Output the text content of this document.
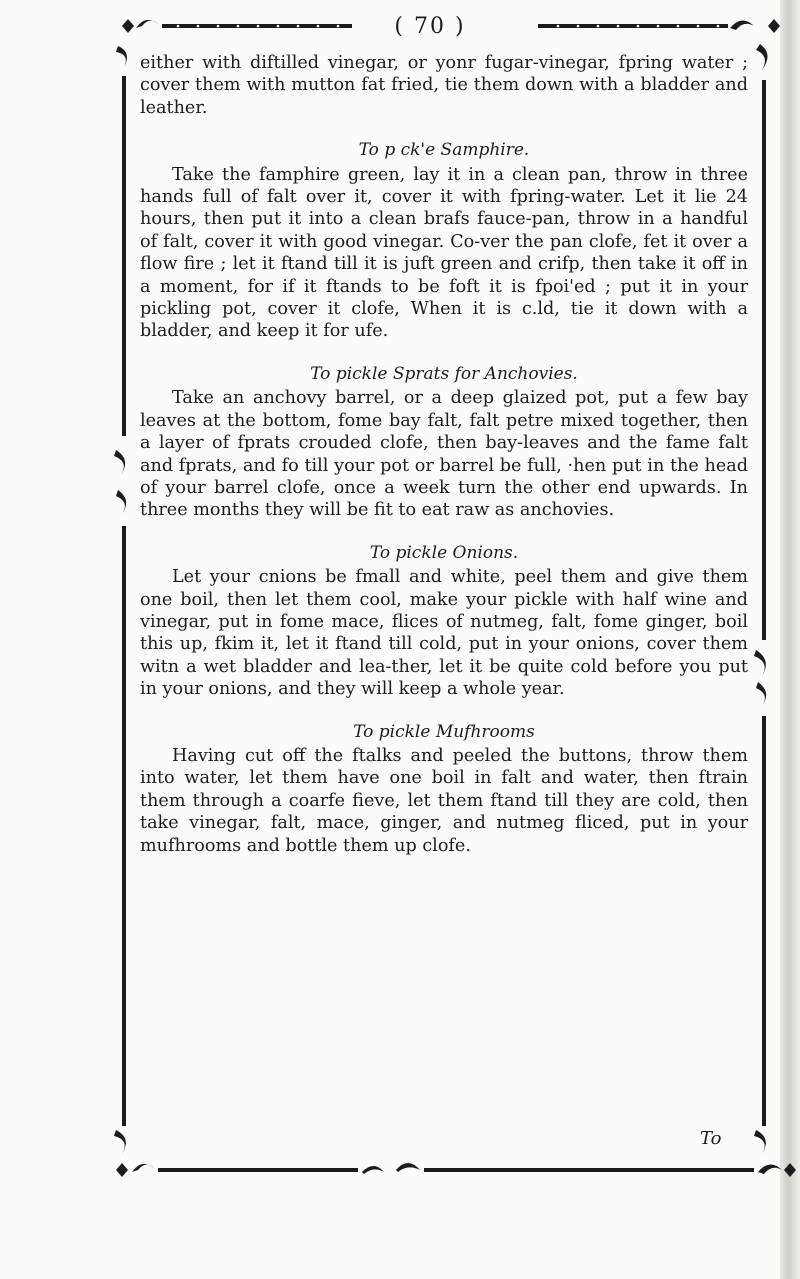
( 70 )

either with diftilled vinegar, or yonr fugar-vinegar, fpring water ; cover them with mutton fat fried, tie them down with a bladder and leather.

To p ck'e Samphire.

Take the famphire green, lay it in a clean pan, throw in three hands full of falt over it, cover it with fpring-water. Let it lie 24 hours, then put it into a clean brafs fauce-pan, throw in a handful of falt, cover it with good vinegar. Co-ver the pan clofe, fet it over a flow fire ; let it ftand till it is juft green and crifp, then take it off in a moment, for if it ftands to be foft it is fpoi'ed ; put it in your pickling pot, cover it clofe, When it is c.ld, tie it down with a bladder, and keep it for ufe.

To pickle Sprats for Anchovies.

Take an anchovy barrel, or a deep glaized pot, put a few bay leaves at the bottom, fome bay falt, falt petre mixed together, then a layer of fprats crouded clofe, then bay-leaves and the fame falt and fprats, and fo till your pot or barrel be full, ·hen put in the head of your barrel clofe, once a week turn the other end upwards. In three months they will be fit to eat raw as anchovies.

To pickle Onions.

Let your cnions be fmall and white, peel them and give them one boil, then let them cool, make your pickle with half wine and vinegar, put in fome mace, flices of nutmeg, falt, fome ginger, boil this up, fkim it, let it ftand till cold, put in your onions, cover them witn a wet bladder and lea-ther, let it be quite cold before you put in your onions, and they will keep a whole year.

To pickle Mufhrooms

Having cut off the ftalks and peeled the buttons, throw them into water, let them have one boil in falt and water, then ftrain them through a coarfe fieve, let them ftand till they are cold, then take vinegar, falt, mace, ginger, and nutmeg fliced, put in your mufhrooms and bottle them up clofe.

To
